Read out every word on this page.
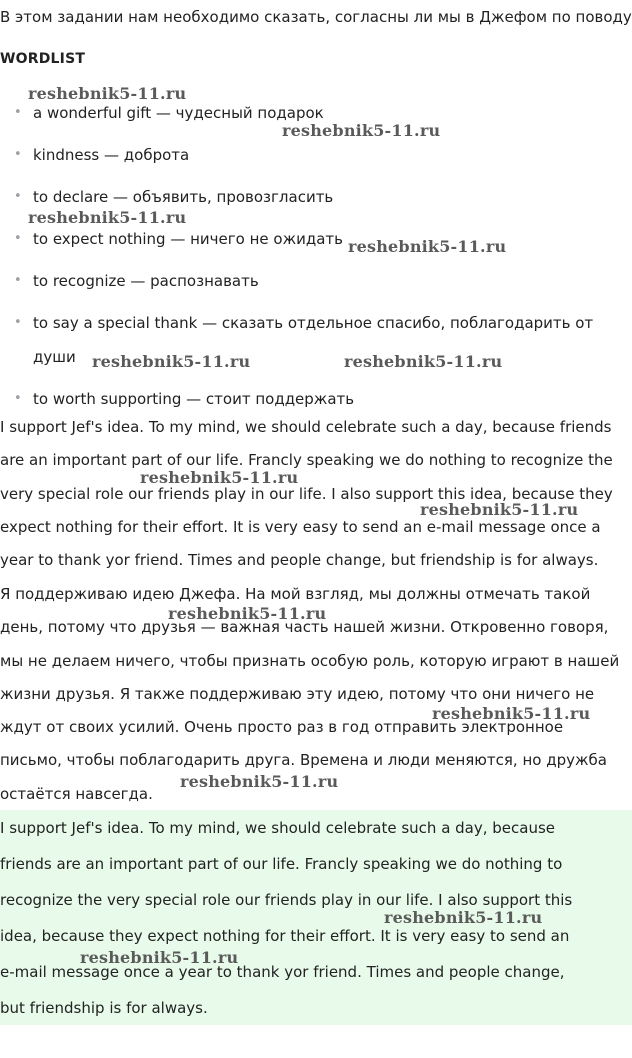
В этом задании нам необходимо сказать, согласны ли мы в Джефом по поводу
WORDLIST
• a wonderful gift — чудесный подарок
• kindness — доброта
• to declare — объявить, провозгласить
• to expect nothing — ничего не ожидать
• to recognize — распознавать
• to say a special thank — сказать отдельное спасибо, поблагодарить от души
• to worth supporting — стоит поддержать

I support Jef's idea. To my mind, we should celebrate such a day, because friends are an important part of our life. Francly speaking we do nothing to recognize the very special role our friends play in our life. I also support this idea, because they expect nothing for their effort. It is very easy to send an e-mail message once a year to thank yor friend. Times and people change, but friendship is for always.

Я поддерживаю идею Джефа. На мой взгляд, мы должны отмечать такой день, потому что друзья — важная часть нашей жизни. Откровенно говоря, мы не делаем ничего, чтобы признать особую роль, которую играют в нашей жизни друзья. Я также поддерживаю эту идею, потому что они ничего не ждут от своих усилий. Очень просто раз в год отправить электронное письмо, чтобы поблагодарить друга. Времена и люди меняются, но дружба остаётся навсегда.

I support Jef's idea. To my mind, we should celebrate such a day, because
friends are an important part of our life. Francly speaking we do nothing to
recognize the very special role our friends play in our life. I also support this
idea, because they expect nothing for their effort. It is very easy to send an
e-mail message once a year to thank yor friend. Times and people change,
but friendship is for always.
reshebnik5-11.ru
reshebnik5-11.ru
reshebnik5-11.ru
reshebnik5-11.ru
reshebnik5-11.ru	reshebnik5-11.ru
reshebnik5-11.ru
reshebnik5-11.ru
reshebnik5-11.ru
reshebnik5-11.ru
reshebnik5-11.ru
reshebnik5-11.ru
reshebnik5-11.ru
